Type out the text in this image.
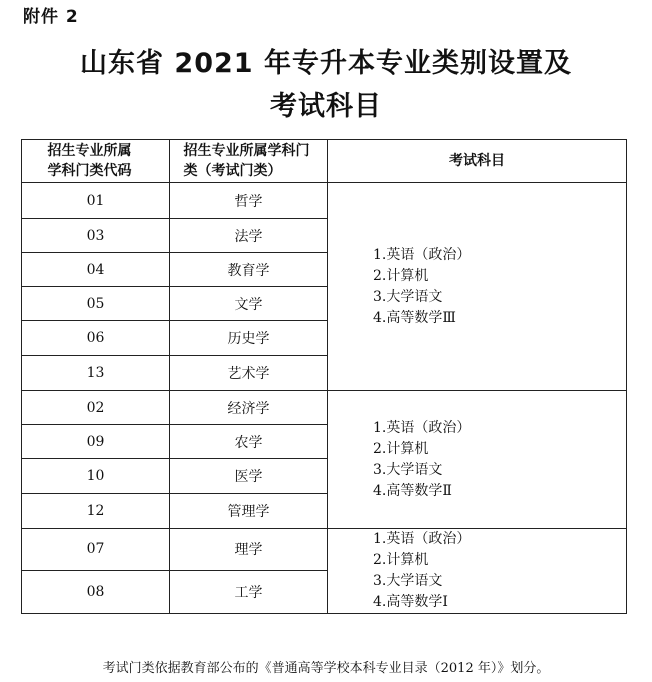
附件 2
山东省 2021 年专升本专业类别设置及
考试科目
招生专业所属学科门类代码	招生专业所属学科门类（考试门类）	考试科目
01	哲学	1.英语（政治）
2.计算机
3.大学语文
4.高等数学Ⅲ

03	法学	
04	教育学	
05	文学	
06	历史学	
13	艺术学	
02	经济学	1.英语（政治）
2.计算机
3.大学语文
4.高等数学Ⅱ

09	农学	
10	医学	
12	管理学	
07	理学	1.英语（政治）
2.计算机
3.大学语文
4.高等数学Ⅰ

08	工学	
考试门类依据教育部公布的《普通高等学校本科专业目录（2012 年）》划分。
